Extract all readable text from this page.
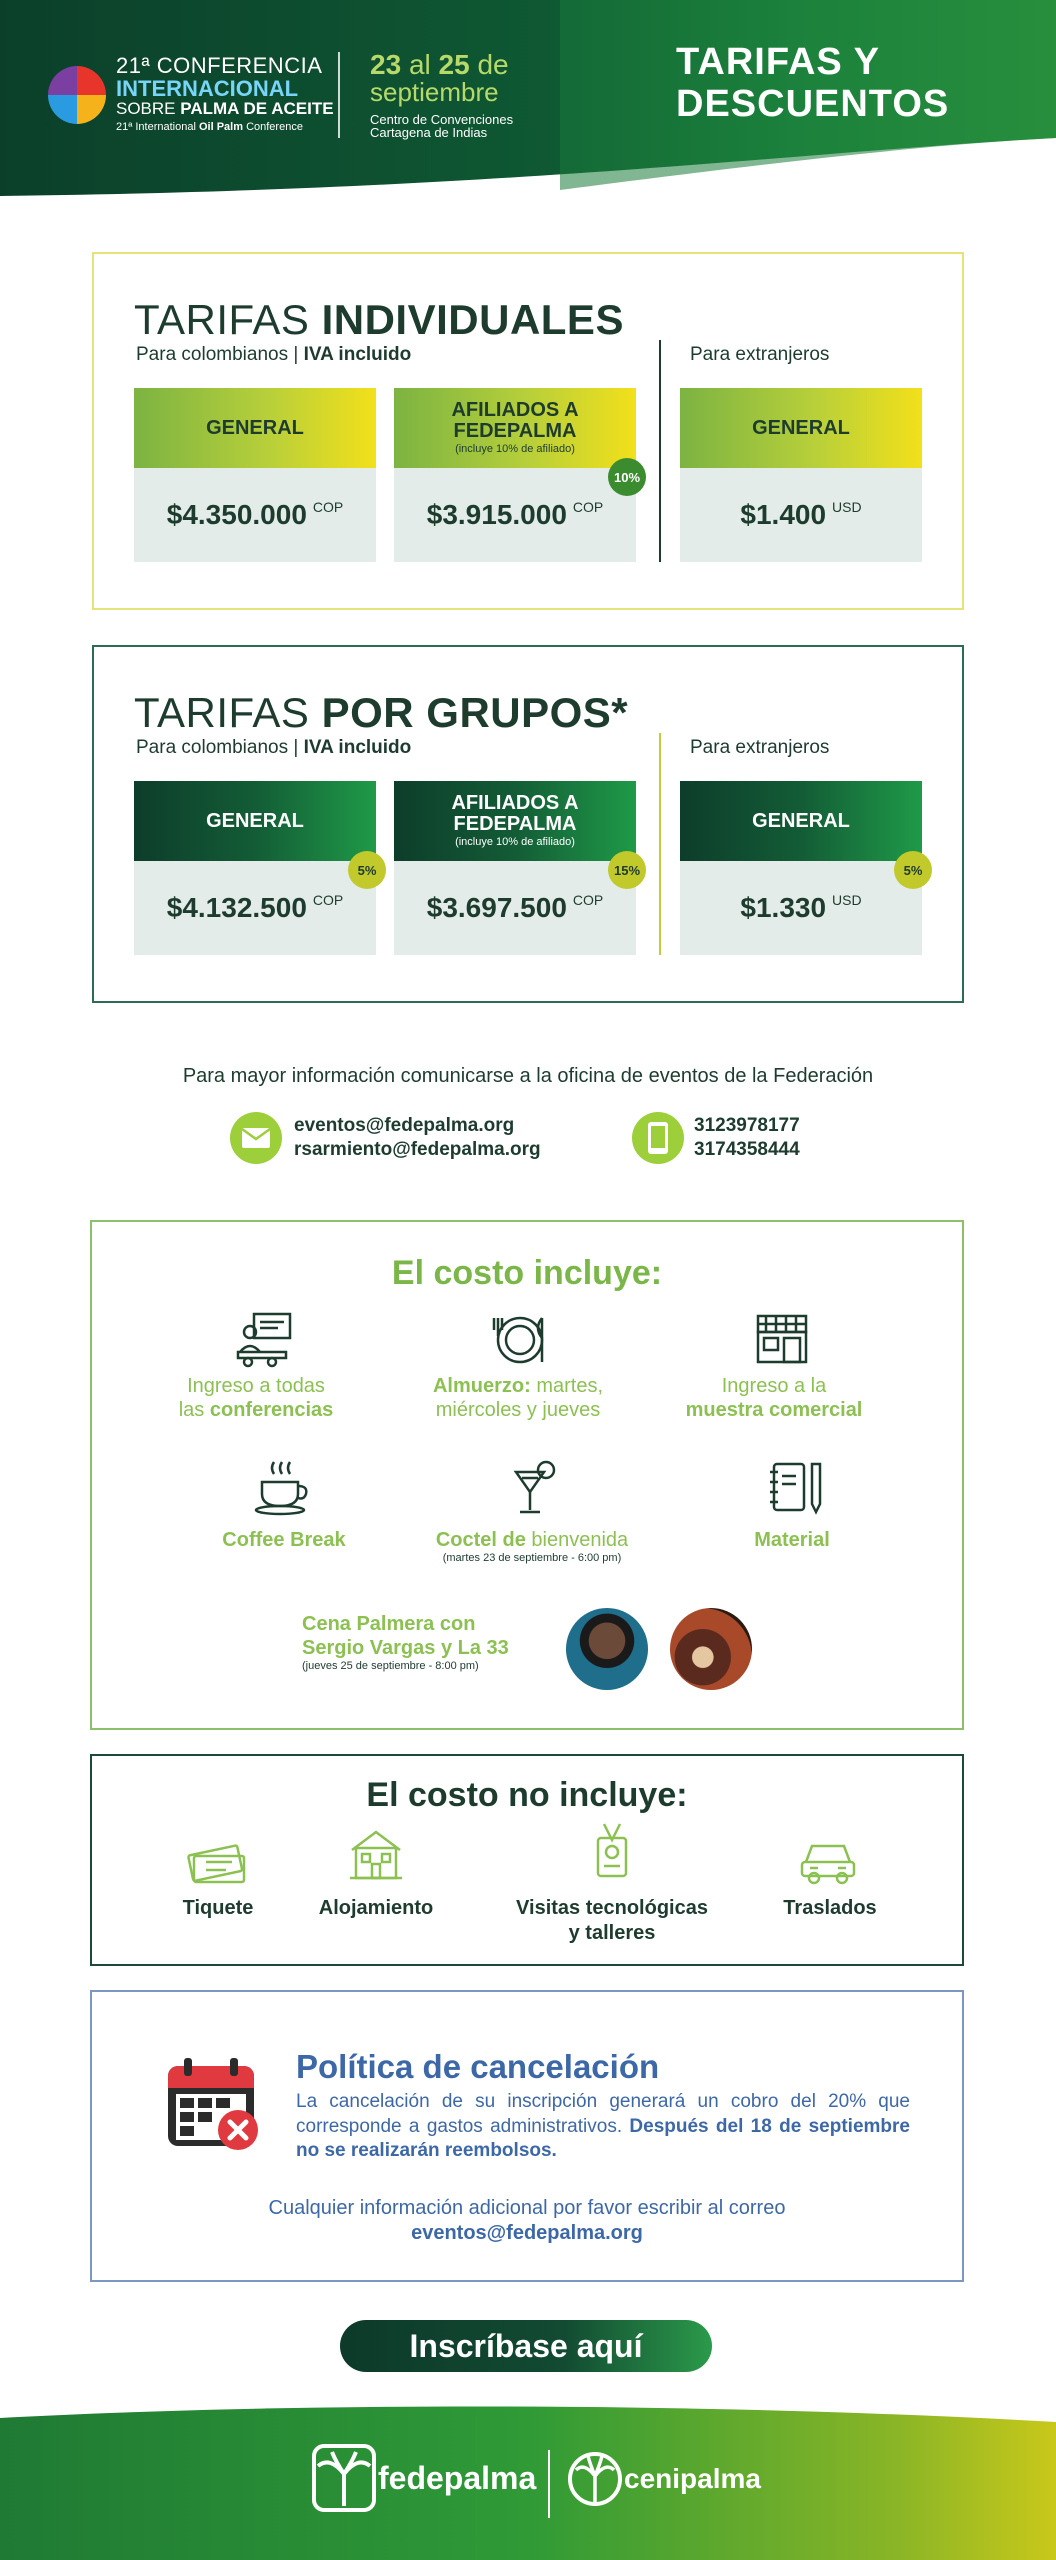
21ª CONFERENCIA
INTERNACIONAL
SOBRE PALMA DE ACEITE
21ª International Oil Palm Conference
23 al 25 de
septiembre
Centro de Convenciones
Cartagena de Indias
TARIFAS Y
DESCUENTOS
TARIFAS INDIVIDUALES
Para colombianos | IVA incluido	Para extranjeros
GENERAL
$4.350.000 $^{COP}$
AFILIADOS A
FEDEPALMA
(incluye 10% de afiliado)
$3.915.000 $^{COP}$
10%
GENERAL
$1.400 $^{USD}$
TARIFAS POR GRUPOS*
Para colombianos | IVA incluido	Para extranjeros
GENERAL
$4.132.500 $^{COP}$
5%
AFILIADOS A
FEDEPALMA
(incluye 10% de afiliado)
$3.697.500 $^{COP}$
15%
GENERAL
$1.330 $^{USD}$
5%
Para mayor información comunicarse a la oficina de eventos de la Federación
eventos@fedepalma.org
rsarmiento@fedepalma.org
3123978177
3174358444
El costo incluye:
Ingreso a todas
las conferencias
Almuerzo: martes,
miércoles y jueves
Ingreso a la
muestra comercial
Coffee Break	Coctel de bienvenida
(martes 23 de septiembre - 6:00 pm)
Material
Cena Palmera con
Sergio Vargas y La 33
(jueves 25 de septiembre - 8:00 pm)
El costo no incluye:
Tiquete	Alojamiento	Visitas tecnológicas
y talleres
Traslados
Política de cancelación
La cancelación de su inscripción generará un cobro del 20% que corresponde a gastos administrativos. Después del 18 de septiembre no se realizarán reembolsos.
Cualquier información adicional por favor escribir al correo
eventos@fedepalma.org
Inscríbase aquí
fedepalma	cenipalma
